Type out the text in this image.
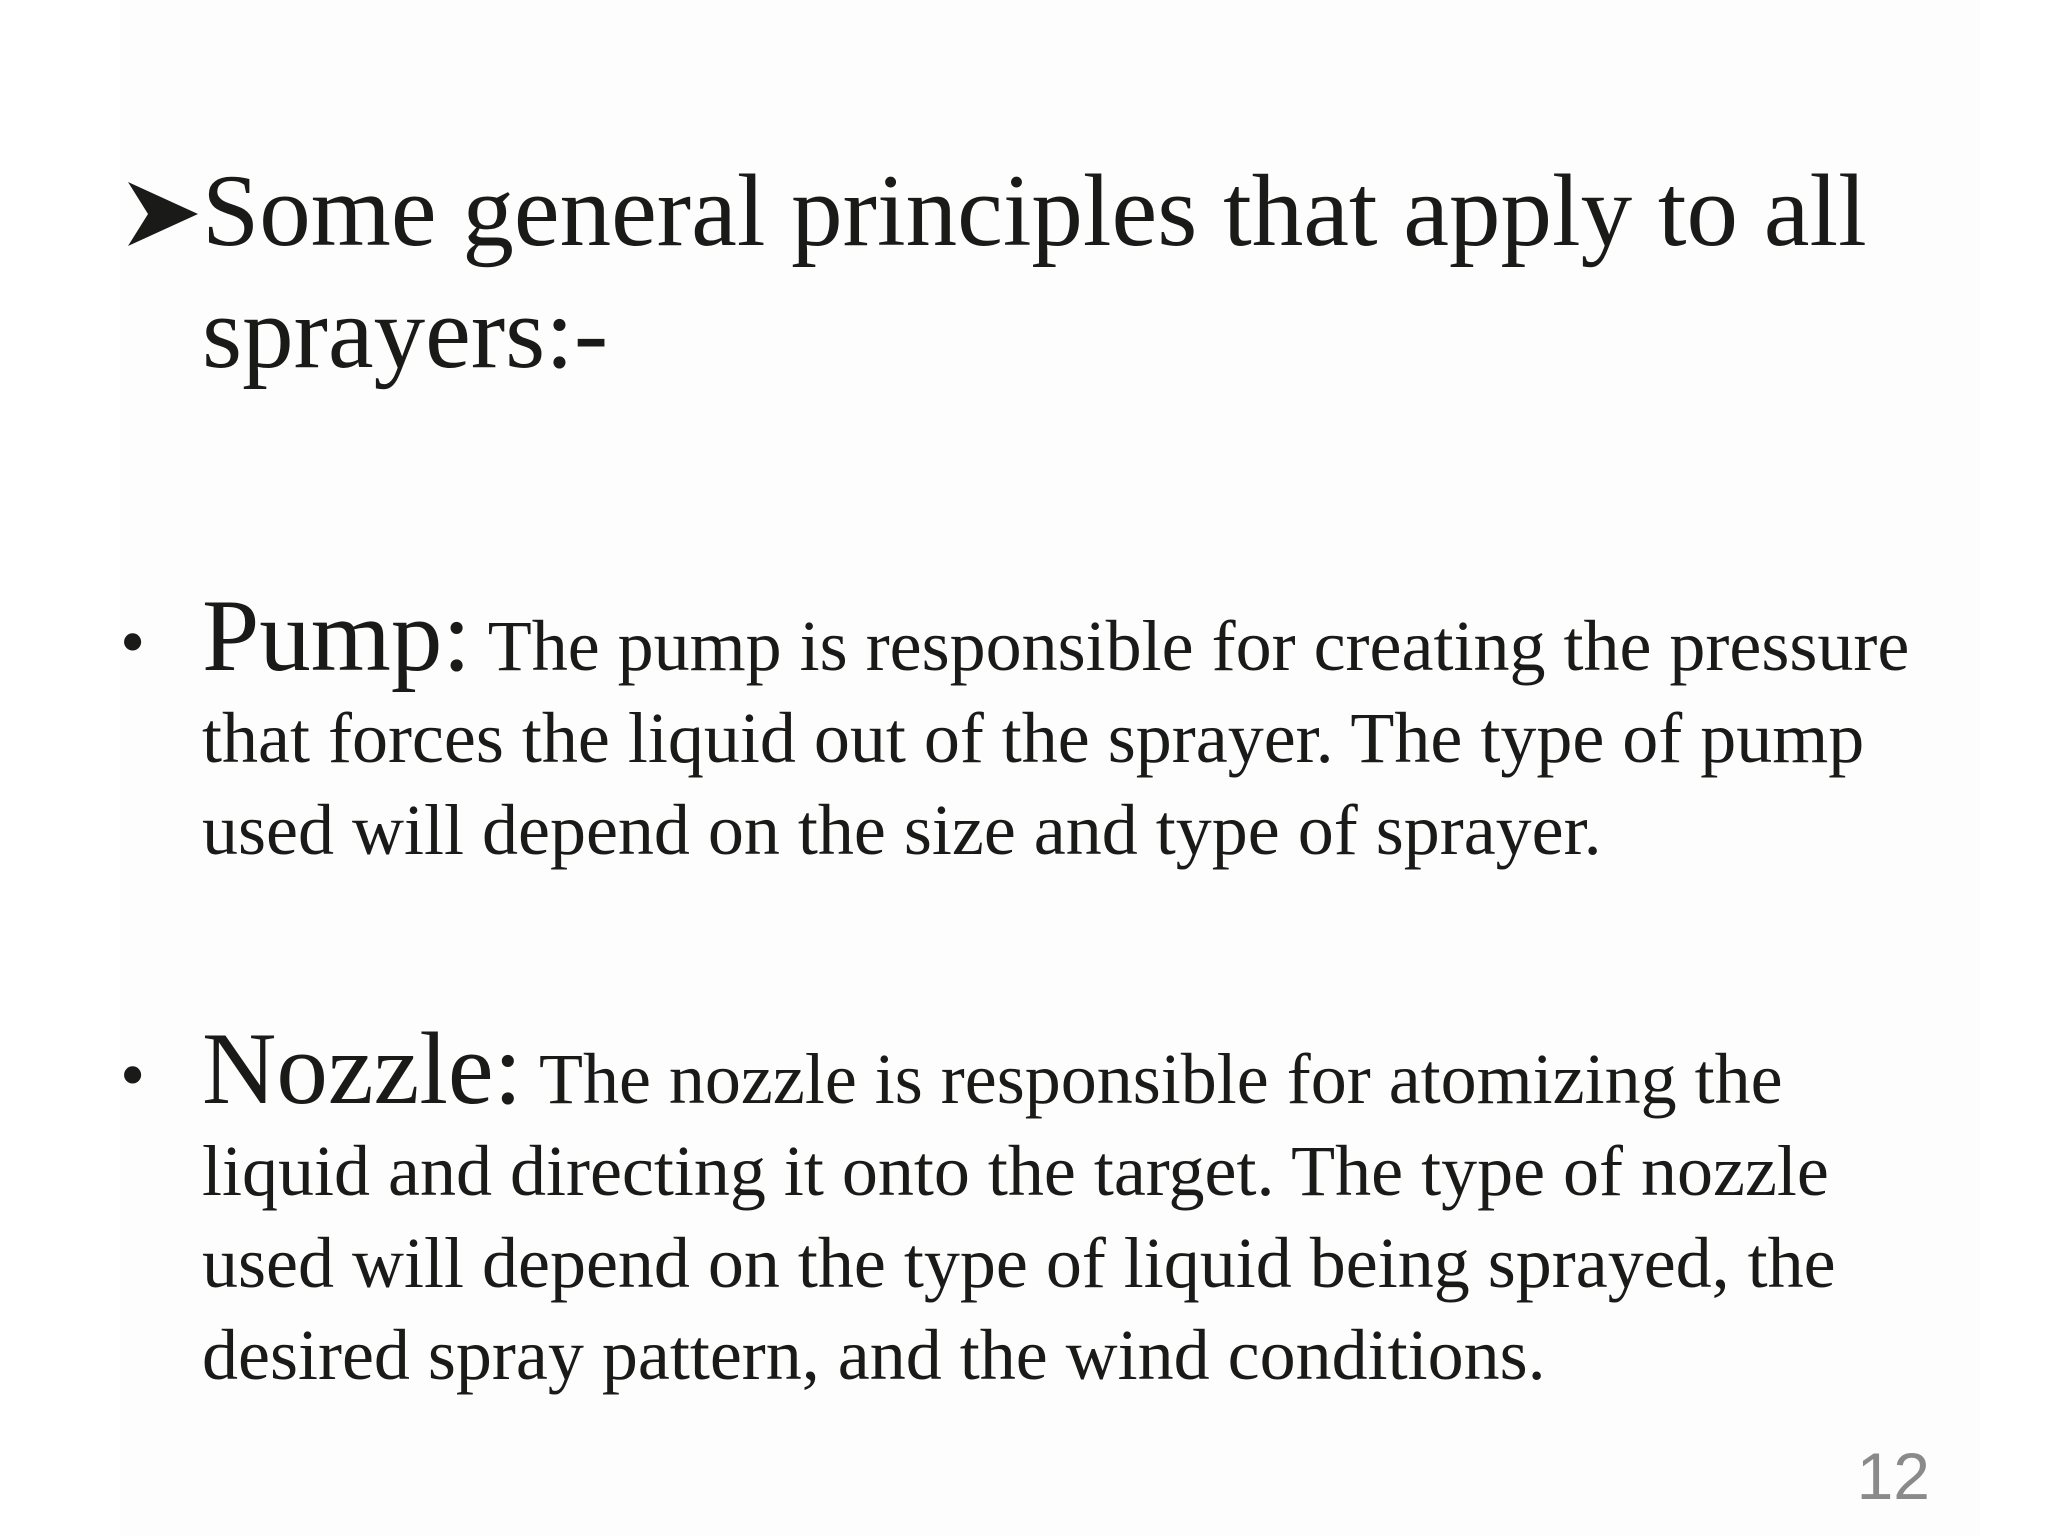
Some general principles that apply to all
sprayers:-
• Pump: The pump is responsible for creating the pressure that forces the liquid out of the sprayer. The type of pump used will depend on the size and type of sprayer.
• Nozzle: The nozzle is responsible for atomizing the liquid and directing it onto the target. The type of nozzle used will depend on the type of liquid being sprayed, the desired spray pattern, and the wind conditions.
12
